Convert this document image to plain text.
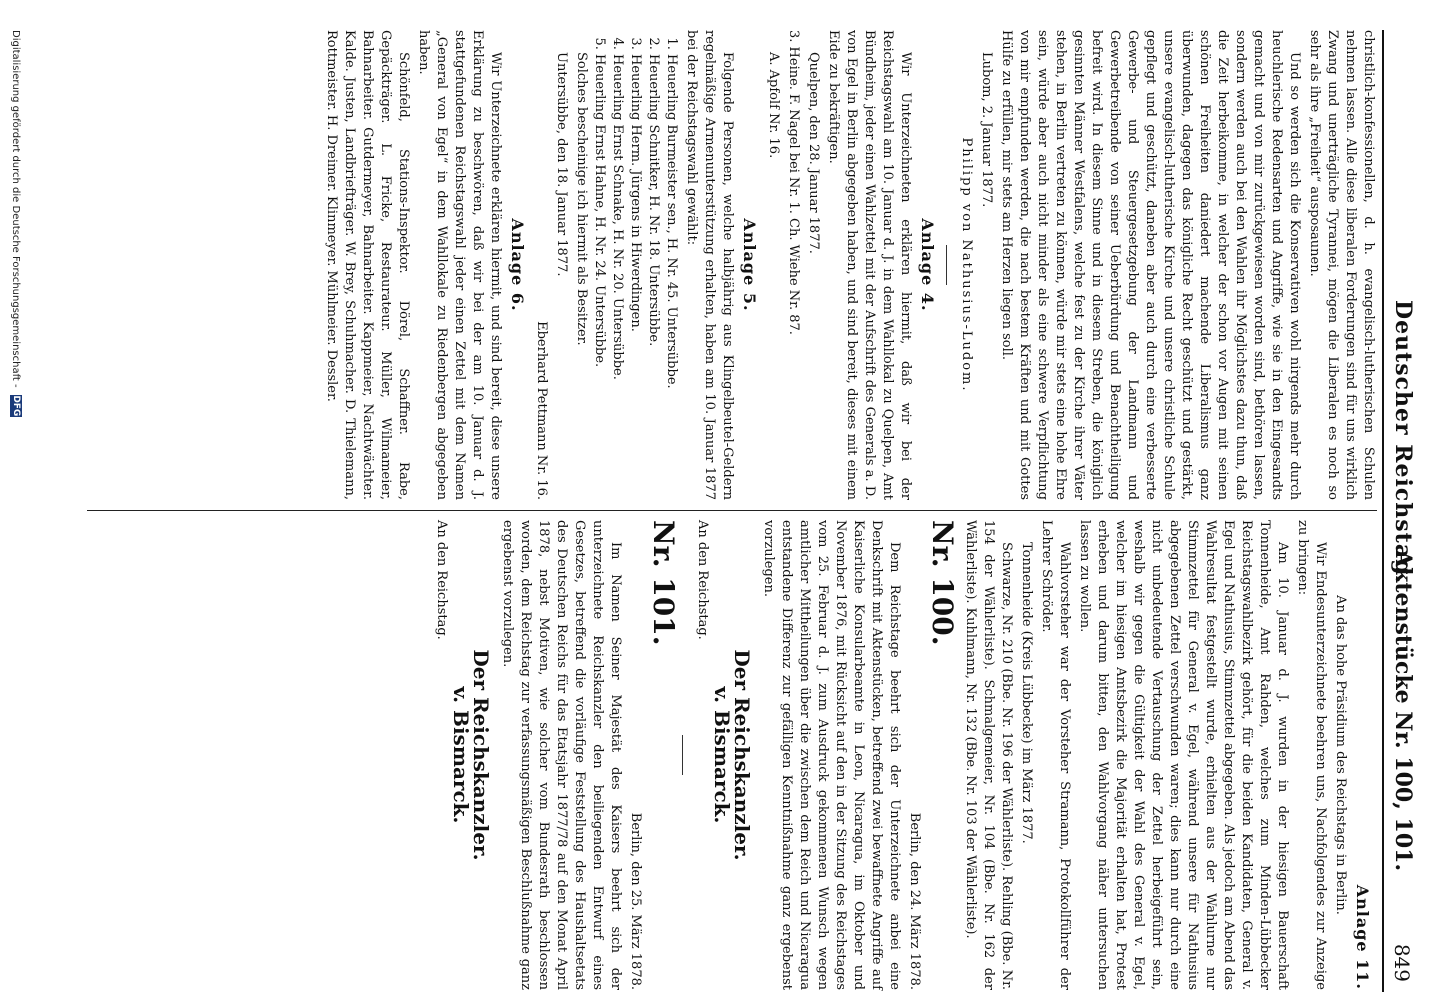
Deutscher Reichstag.
Aktenstücke Nr. 100, 101.
849

christlich-konfessionellen, d. h. evangelisch-lutherischen Schulen nehmen lassen. Alle diese liberalen Forderungen sind für uns wirklich Zwang und unerträgliche Tyrannei, mögen die Liberalen es noch so sehr als ihre „Freiheit“ ausposaunen.

Und so werden sich die Konservativen wohl nirgends mehr durch heuchlerische Redensarten und Angriffe, wie sie in den Eingesandts gemacht und von mir zurückgewiesen worden sind, bethören lassen, sondern werden auch bei den Wahlen ihr Möglichstes dazu thun, daß die Zeit herbeikomme, in welcher der schon vor Augen mit seinen schönen Freiheiten daniedert machende Liberalismus ganz überwunden, dagegen das königliche Recht geschützt und gestärkt, unsere evangelisch-lutherische Kirche und unsere christliche Schule gepflegt und geschützt, daneben aber auch durch eine verbesserte Gewerbe- und Steuergesetzgebung der Landmann und Gewerbetreibende von seiner Ueberbürdung und Benachtheiligung befreit wird. In diesem Sinne und in diesem Streben, die königlich gesinnten Männer Westfalens, welche fest zu der Kirche ihrer Väter stehen, in Berlin vertreten zu können, würde mir stets eine hohe Ehre sein, würde aber auch nicht minder als eine schwere Verpflichtung von mir empfunden werden, die nach bestem Kräften und mit Gottes Hülfe zu erfüllen, mir stets am Herzen liegen soll.

Lubom, 2. Januar 1877.

Philipp von Nathusius-Ludom.

Anlage 4.

Wir Unterzeichneten erklären hiermit, daß wir bei der Reichstagswahl am 10. Januar d. J. in dem Wahllokal zu Quelpen, Amt Bündheim, jeder einen Wahlzettel mit der Aufschrift des Generals a. D. von Egel in Berlin abgegeben haben, und sind bereit, dieses mit einem Eide zu bekräftigen.

Quelpen, den 28. Januar 1877.

3. Heine. F. Nagel bei Nr. 1. Ch. Wiehe Nr. 87.

A. Apfolf Nr. 16.

Anlage 5.

Folgende Personen, welche halbjährig aus Klingelbeutel-Geldern regelmäßige Armenunterstützung erhalten, haben am 10. Januar 1877 bei der Reichstagswahl gewählt:

1. Heuerling Burmeister sen., H. Nr. 45. Untersübbe.
2. Heuerling Schnitker, H. Nr. 18. Untersübbe.
3. Heuerling Herm. Jürgens in Hiwerdingen.
4. Heuerling Ernst Schnake, H. Nr. 20. Untersübbe.
5. Heuerling Ernst Hahne, H. Nr. 24. Untersübbe.

Solches bescheinige ich hiermit als Besitzer.

Untersübbe, den 18. Januar 1877.

Eberhard Pettmann Nr. 16.

Anlage 6.

Wir Unterzeichnete erklären hiermit, und sind bereit, diese unsere Erklärung zu beschwören, daß wir bei der am 10. Januar d. J. stattgefundenen Reichstagswahl jeder einen Zettel mit dem Namen „General von Egel“ in dem Wahllokale zu Riedenbergen abgegeben haben.

Schönfeld, Stations-Inspektor. Dörel, Schaffner. Rabe, Gepäckträger. L. Fricke, Restaurateur. Müller, Wilmameier, Bahnarbeiter. Gutdermeyer, Bahnarbeiter. Kappmeier, Nachtwächter. Kalde. Justen, Landbriefträger. W. Brey, Schuhmacher. D. Thielemann, Rottmeister. H. Dreimer. Klinmeyer. Mühlmeier. Dessler.

Anlage 11.

An das hohe Präsidium des Reichstags in Berlin.

Wir Endesunterzeichnete beehren uns, Nachfolgendes zur Anzeige zu bringen:

Am 10. Januar d. J. wurden in der hiesigen Bauerschaft Tonnenheide, Amt Rahden, welches zum Minden-Lübbecker Reichstagswahlbezirk gehört, für die beiden Kandidaten, General v. Egel und Nathusius, Stimmzettel abgegeben. Als jedoch am Abend das Wahlresultat festgestellt wurde, erhielten aus der Wahlurne nur Stimmzettel für General v. Egel, während unsere für Nathusius abgegebenen Zettel verschwunden waren; dies kann nur durch eine nicht unbedeutende Vertauschung der Zettel herbeigeführt sein, weshalb wir gegen die Gültigkeit der Wahl des General v. Egel, welcher im hiesigen Amtsbezirk die Majorität erhalten hat, Protest erheben und darum bitten, den Wahlvorgang näher untersuchen lassen zu wollen.

Wahlvorsteher war der Vorsteher Stramann, Protokollführer der Lehrer Schröder.

Tonnenheide (Kreis Lübbecke) im März 1877.

Schwarze, Nr. 210 (Bbe. Nr. 196 der Wählerliste). Rehling (Bbe. Nr. 154 der Wählerliste). Schmalgemeier, Nr. 104 (Bbe. Nr. 162 der Wählerliste). Kuhlmann, Nr. 132 (Bbe. Nr. 103 der Wählerliste).

Nr. 100.

Berlin, den 24. März 1878.

Dem Reichstage beehrt sich der Unterzeichnete anbei eine Denkschrift mit Aktenstücken, betreffend zwei bewaffnete Angriffe auf Kaiserliche Konsularbeamte in Leon, Nicaragua, im Oktober und November 1876, mit Rücksicht auf den in der Sitzung des Reichstages vom 25. Februar d. J. zum Ausdruck gekommenen Wunsch wegen amtlicher Mittheilungen über die zwischen dem Reich und Nicaragua entstandene Differenz zur gefälligen Kenntnißnahme ganz ergebenst vorzulegen.

Der Reichskanzler.

v. Bismarck.

An den Reichstag.

Nr. 101.

Berlin, den 25. März 1878.

Im Namen Seiner Majestät des Kaisers beehrt sich der unterzeichnete Reichskanzler den beiliegenden Entwurf eines Gesetzes, betreffend die vorläufige Feststellung des Haushaltsetats des Deutschen Reichs für das Etatsjahr 1877/78 auf den Monat April 1878, nebst Motiven, wie solcher vom Bundesrath beschlossen worden, dem Reichstag zur verfassungsmäßigen Beschlußnahme ganz ergebenst vorzulegen.

Der Reichskanzler.

v. Bismarck.

An den Reichstag.

Digitalisierung gefördert durch die Deutsche Forschungsgemeinschaft - DFG
